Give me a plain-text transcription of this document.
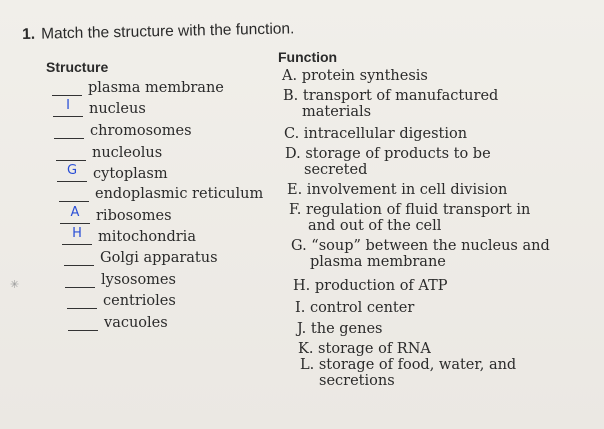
1. Match the structure with the function.
Structure
Function
plasma membrane
I	nucleus
chromosomes
nucleolus
G	cytoplasm
endoplasmic reticulum
A	ribosomes
H	mitochondria
Golgi apparatus
lysosomes
centrioles
vacuoles
A. protein synthesis
B. transport of manufactured
materials
C. intracellular digestion
D. storage of products to be
secreted
E. involvement in cell division
F. regulation of fluid transport in
and out of the cell
G. “soup” between the nucleus and
plasma membrane
H. production of ATP
I. control center
J. the genes
K. storage of RNA
L. storage of food, water, and
secretions
✳
